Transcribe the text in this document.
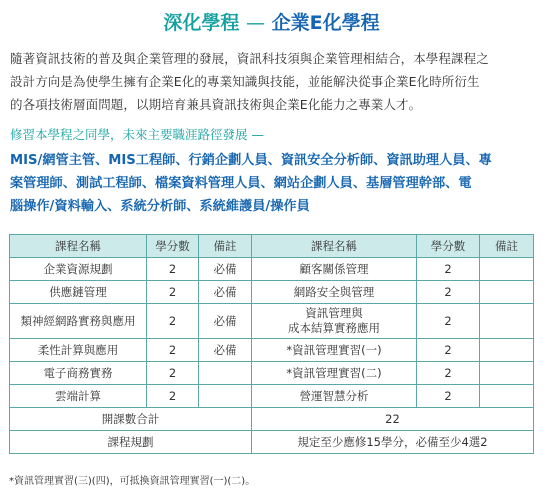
深化學程 — 企業E化學程
隨著資訊技術的普及與企業管理的發展，資訊科技須與企業管理相結合，本學程課程之
設計方向是為使學生擁有企業E化的專業知識與技能，並能解決從事企業E化時所衍生
的各項技術層面問題，以期培育兼具資訊技術與企業E化能力之專業人才。
修習本學程之同學，未來主要職涯路徑發展 —
MIS/網管主管、MIS工程師、行銷企劃人員、資訊安全分析師、資訊助理人員、專
案管理師、測試工程師、檔案資料管理人員、網站企劃人員、基層管理幹部、電
腦操作/資料輸入、系統分析師、系統維護員/操作員
課程名稱	學分數	備註	課程名稱	學分數	備註
企業資源規劃	2	必備	顧客關係管理	2	
供應鏈管理	2	必備	網路安全與管理	2	
類神經網路實務與應用	2	必備	資訊管理與
成本結算實務應用	2	
柔性計算與應用	2	必備	*資訊管理實習(一)	2	
電子商務實務	2		*資訊管理實習(二)	2	
雲端計算	2		營運智慧分析	2	
開課數合計			22		
課程規劃			規定至少應修15學分，必備至少4選2		
*資訊管理實習(三)(四)，可抵換資訊管理實習(一)(二)。
